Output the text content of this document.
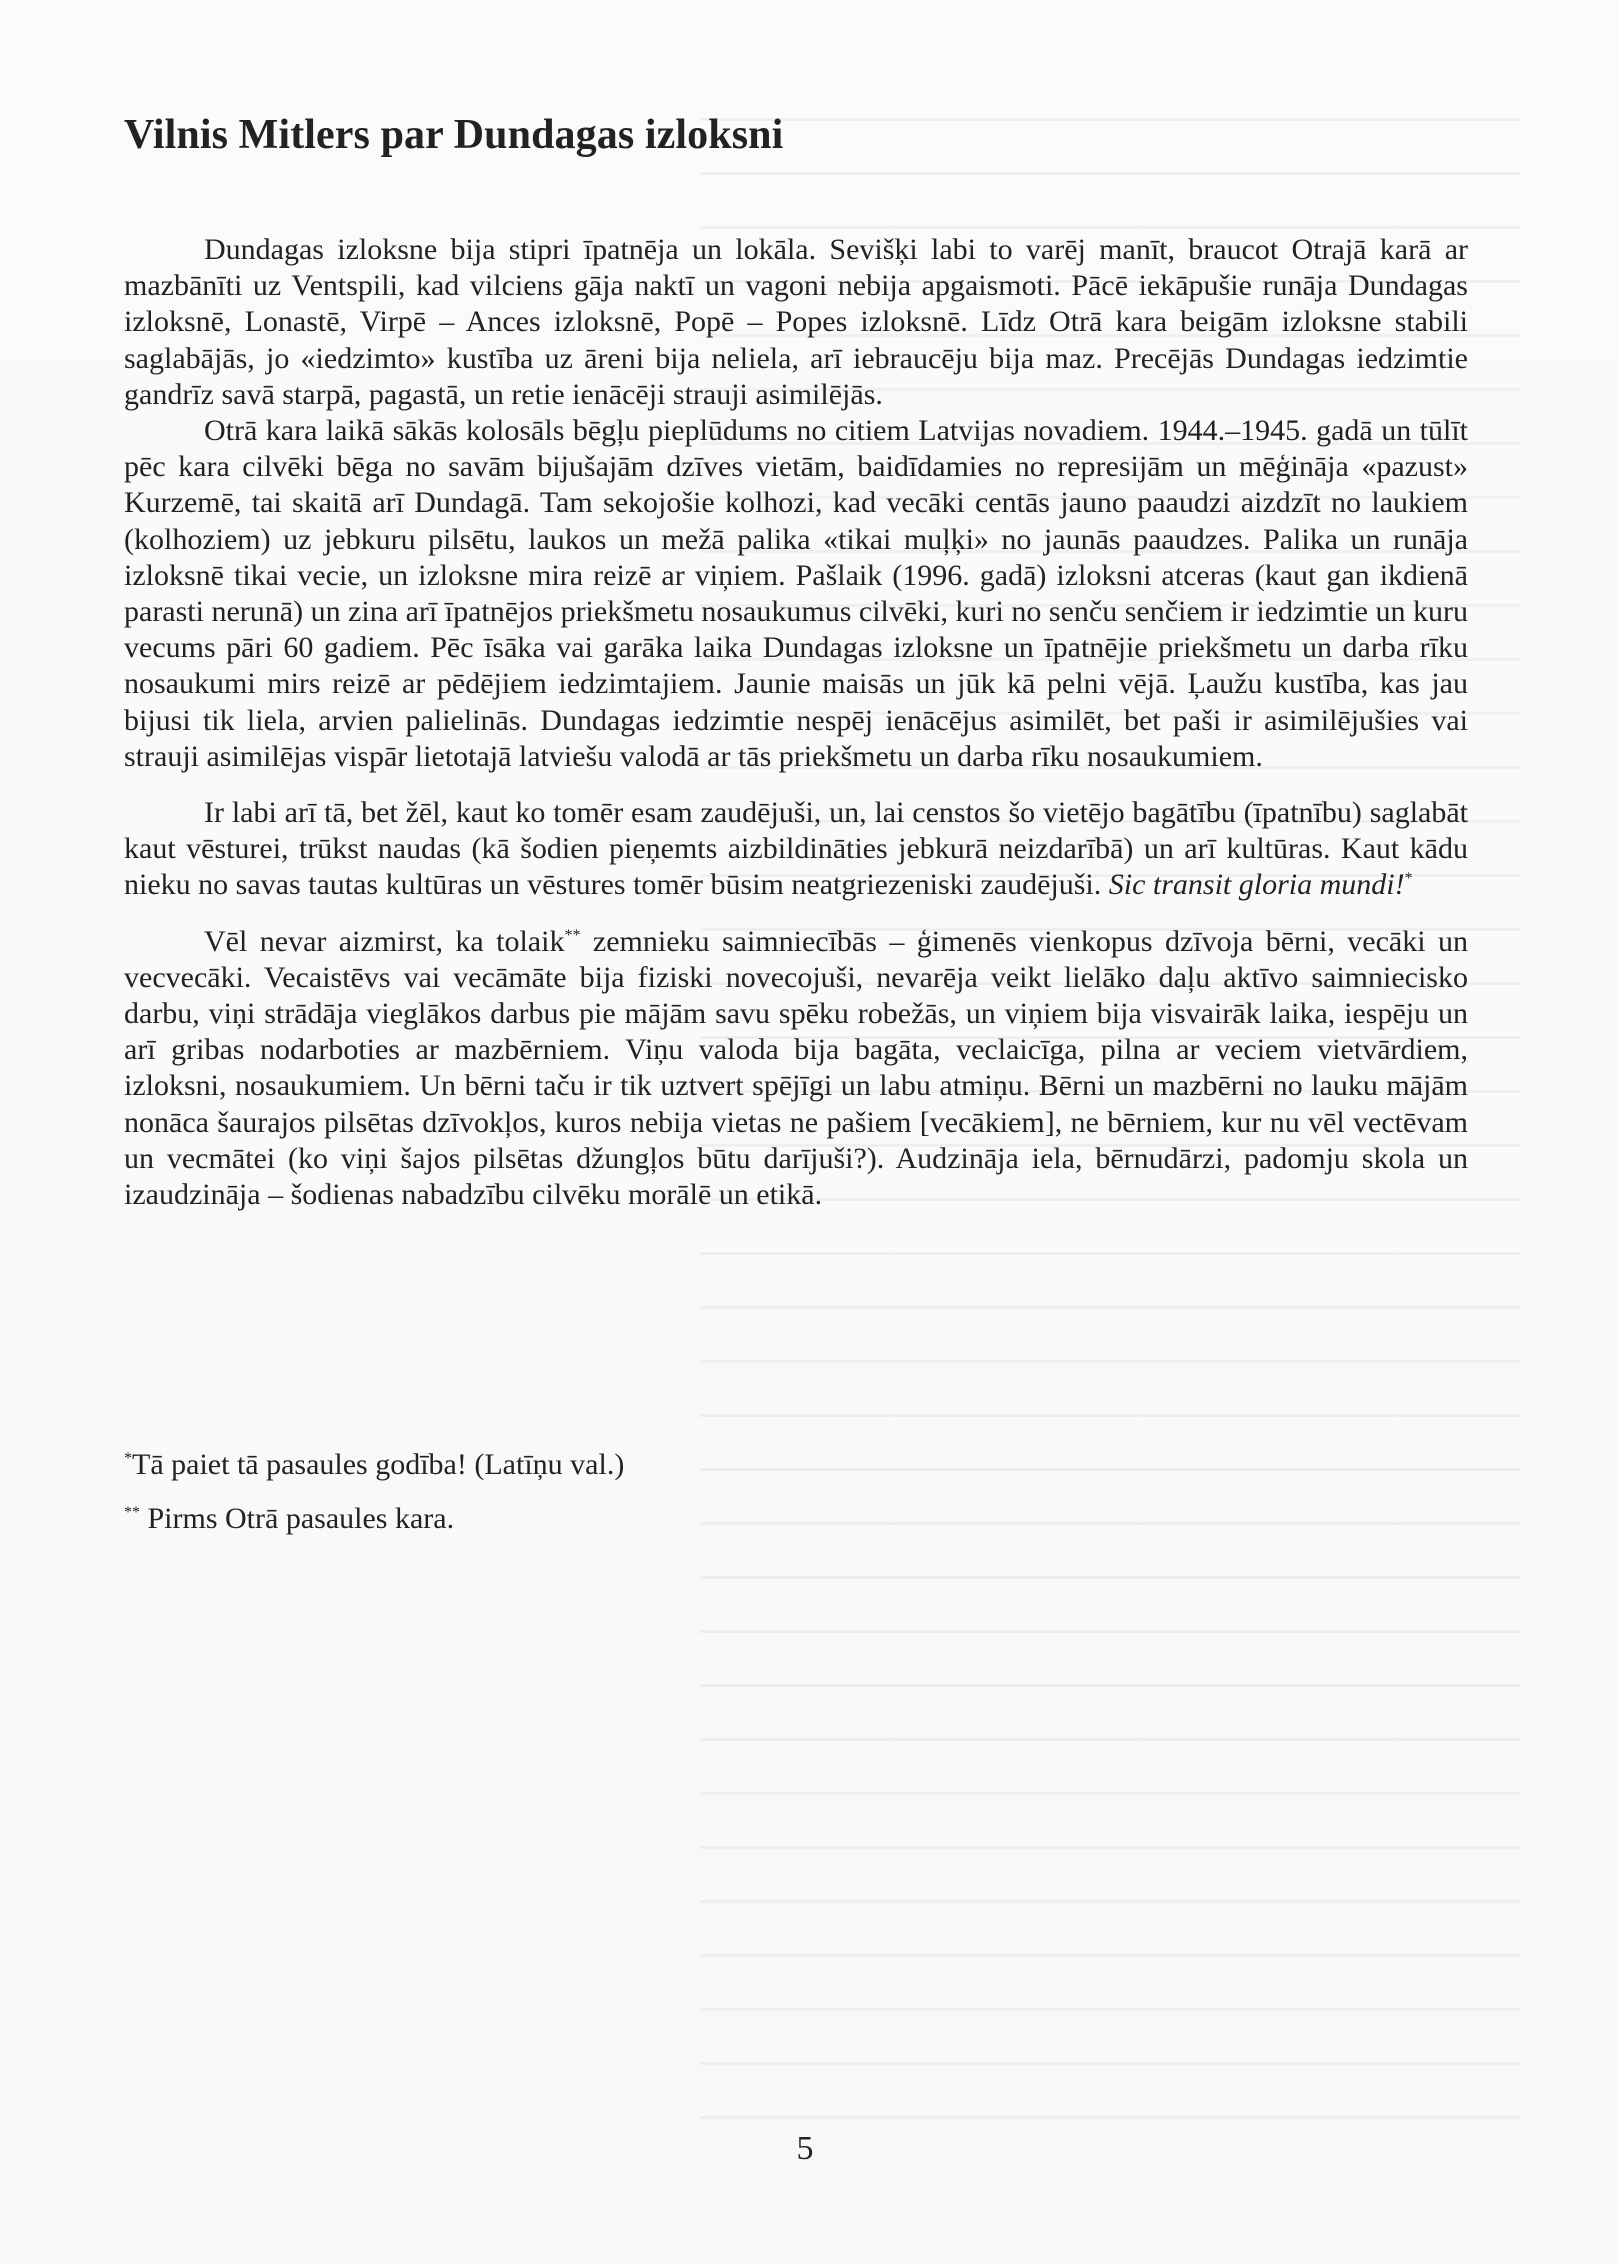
Vilnis Mitlers par Dundagas izloksni

Dundagas izloksne bija stipri īpatnēja un lokāla. Sevišķi labi to varēj manīt, braucot Otrajā karā ar mazbānīti uz Ventspili, kad vilciens gāja naktī un vagoni nebija apgaismoti. Pācē iekāpušie runāja Dundagas izloksnē, Lonastē, Virpē – Ances izloksnē, Popē – Popes izloksnē. Līdz Otrā kara beigām izloksne stabili saglabājās, jo «iedzimto» kustība uz āreni bija neliela, arī iebraucēju bija maz. Precējās Dundagas iedzimtie gandrīz savā starpā, pagastā, un retie ienācēji strauji asimilējās.

Otrā kara laikā sākās kolosāls bēgļu pieplūdums no citiem Latvijas novadiem. 1944.–1945. gadā un tūlīt pēc kara cilvēki bēga no savām bijušajām dzīves vietām, baidīdamies no represijām un mēģināja «pazust» Kurzemē, tai skaitā arī Dundagā. Tam sekojošie kolhozi, kad vecāki centās jauno paaudzi aizdzīt no laukiem (kolhoziem) uz jebkuru pilsētu, laukos un mežā palika «tikai muļķi» no jaunās paaudzes. Palika un runāja izloksnē tikai vecie, un izloksne mira reizē ar viņiem. Pašlaik (1996. gadā) izloksni atceras (kaut gan ikdienā parasti nerunā) un zina arī īpatnējos priekšmetu nosaukumus cilvēki, kuri no senču senčiem ir iedzimtie un kuru vecums pāri 60 gadiem. Pēc īsāka vai garāka laika Dundagas izloksne un īpatnējie priekšmetu un darba rīku nosaukumi mirs reizē ar pēdējiem iedzimtajiem. Jaunie maisās un jūk kā pelni vējā. Ļaužu kustība, kas jau bijusi tik liela, arvien palielinās. Dundagas iedzimtie nespēj ienācējus asimilēt, bet paši ir asimilējušies vai strauji asimilējas vispār lietotajā latviešu valodā ar tās priekšmetu un darba rīku nosaukumiem.

Ir labi arī tā, bet žēl, kaut ko tomēr esam zaudējuši, un, lai censtos šo vietējo bagātību (īpatnību) saglabāt kaut vēsturei, trūkst naudas (kā šodien pieņemts aizbildināties jebkurā neizdarībā) un arī kultūras. Kaut kādu nieku no savas tautas kultūras un vēstures tomēr būsim neatgriezeniski zaudējuši. Sic transit gloria mundi!*

Vēl nevar aizmirst, ka tolaik** zemnieku saimniecībās – ģimenēs vienkopus dzīvoja bērni, vecāki un vecvecāki. Vecaistēvs vai vecāmāte bija fiziski novecojuši, nevarēja veikt lielāko daļu aktīvo saimniecisko darbu, viņi strādāja vieglākos darbus pie mājām savu spēku robežās, un viņiem bija visvairāk laika, iespēju un arī gribas nodarboties ar mazbērniem. Viņu valoda bija bagāta, veclaicīga, pilna ar veciem vietvārdiem, izloksni, nosaukumiem. Un bērni taču ir tik uztvert spējīgi un labu atmiņu. Bērni un mazbērni no lauku mājām nonāca šaurajos pilsētas dzīvokļos, kuros nebija vietas ne pašiem [vecākiem], ne bērniem, kur nu vēl vectēvam un vecmātei (ko viņi šajos pilsētas džungļos būtu darījuši?). Audzināja iela, bērnudārzi, padomju skola un izaudzināja – šodienas nabadzību cilvēku morālē un etikā.

*Tā paiet tā pasaules godība! (Latīņu val.)

** Pirms Otrā pasaules kara.

5
